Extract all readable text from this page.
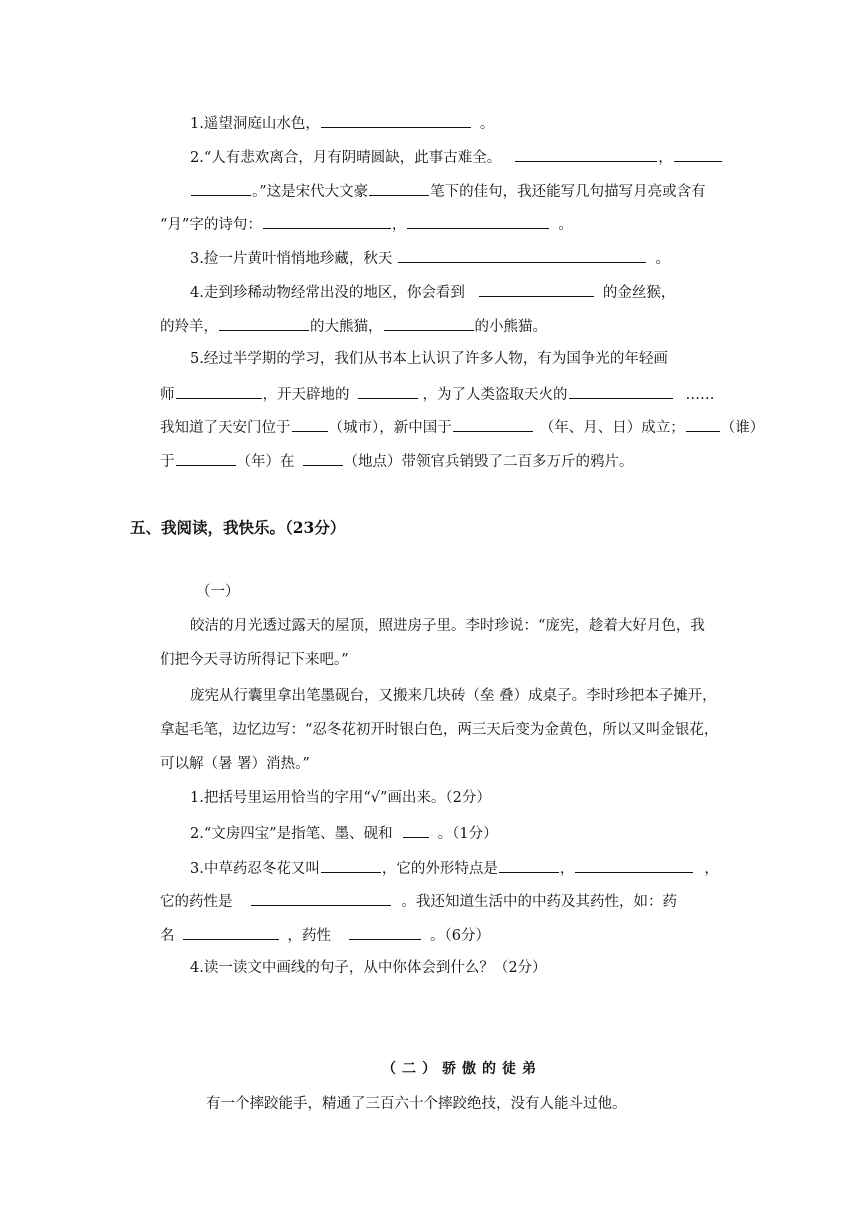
1.遥望洞庭山水色，	。
2.“人有悲欢离合，月有阴晴圆缺，此事古难全。	，
。”这是宋代大文豪	笔下的佳句，我还能写几句描写月亮或含有
“月”字的诗句：	，	。
3.捡一片黄叶悄悄地珍藏，秋天	。
4.走到珍稀动物经常出没的地区，你会看到	的金丝猴，
的羚羊，	的大熊猫，	的小熊猫。
5.经过半学期的学习，我们从书本上认识了许多人物，有为国争光的年轻画
师	，开天辟地的	，为了人类盗取天火的	……
我知道了天安门位于	（城市），新中国于	（年、月、日）成立； （谁）
于	（年）在	（地点）带领官兵销毁了二百多万斤的鸦片。
五、我阅读，我快乐。（23分）
（一）
皎洁的月光透过露天的屋顶，照进房子里。李时珍说：“庞宪，趁着大好月色，我
们把今天寻访所得记下来吧。”
庞宪从行囊里拿出笔墨砚台，又搬来几块砖（垒 叠）成桌子。李时珍把本子摊开，
拿起毛笔，边忆边写：“忍冬花初开时银白色，两三天后变为金黄色，所以又叫金银花，
可以解（暑 署）消热。”
1.把括号里运用恰当的字用“√”画出来。（2分）
2.“文房四宝”是指笔、墨、砚和	。（1分）
3.中草药忍冬花又叫	，它的外形特点是	，	，
它的药性是	。我还知道生活中的中药及其药性，如：药
名	，药性	。（6分）
4.读一读文中画线的句子，从中你体会到什么？（2分）
（二）骄傲的徒弟
有一个摔跤能手，精通了三百六十个摔跤绝技，没有人能斗过他。
